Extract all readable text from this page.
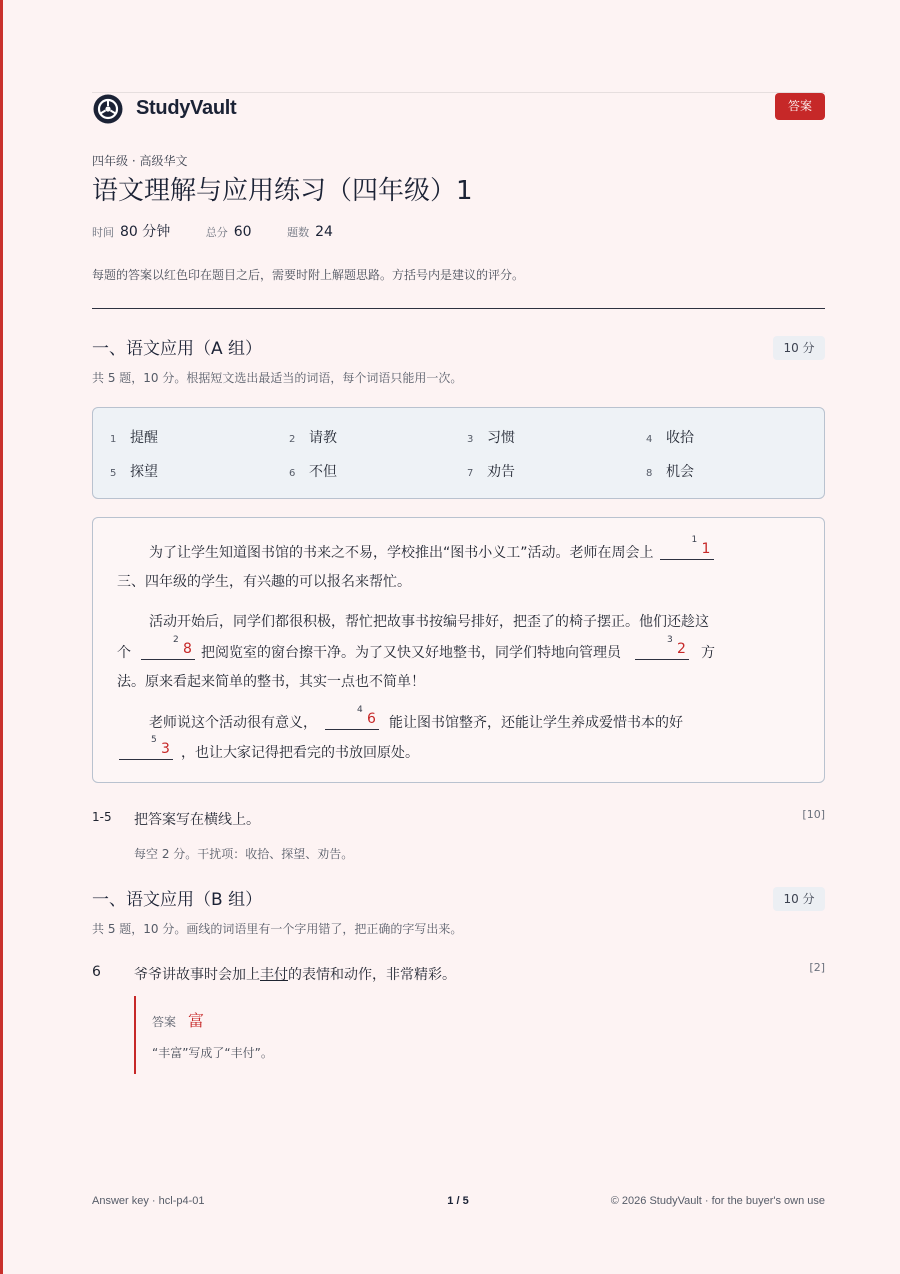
StudyVault	答案
四年级 · 高级华文
语文理解与应用练习（四年级）1
时间 80 分钟	总分 60	题数 24
每题的答案以红色印在题目之后，需要时附上解题思路。方括号内是建议的评分。
一、语文应用（A 组）	10 分
共 5 题，10 分。根据短文选出最适当的词语，每个词语只能用一次。
1 提醒	2 请教	3 习惯	4 收拾
5 探望	6 不但	7 劝告	8 机会
为了让学生知道图书馆的书来之不易，学校推出“图书小义工”活动。老师在周会上
1
1
三、四年级的学生，有兴趣的可以报名来帮忙。
活动开始后，同学们都很积极，帮忙把故事书按编号排好，把歪了的椅子摆正。他们还趁这
个
2
8 把阅览室的窗台擦干净。为了又快又好地整书，同学们特地向管理员
3
2 方
法。原来看起来简单的整书，其实一点也不简单！
老师说这个活动很有意义，
4
6 能让图书馆整齐，还能让学生养成爱惜书本的好
5
3 ，也让大家记得把看完的书放回原处。
1-5 把答案写在横线上。	[10]
每空 2 分。干扰项：收拾、探望、劝告。
一、语文应用（B 组）	10 分
共 5 题，10 分。画线的词语里有一个字用错了，把正确的字写出来。
6 爷爷讲故事时会加上丰付的表情和动作，非常精彩。	[2]
答案 富
“丰富”写成了“丰付”。
Answer key · hcl-p4-01	1 / 5	© 2026 StudyVault · for the buyer's own use
